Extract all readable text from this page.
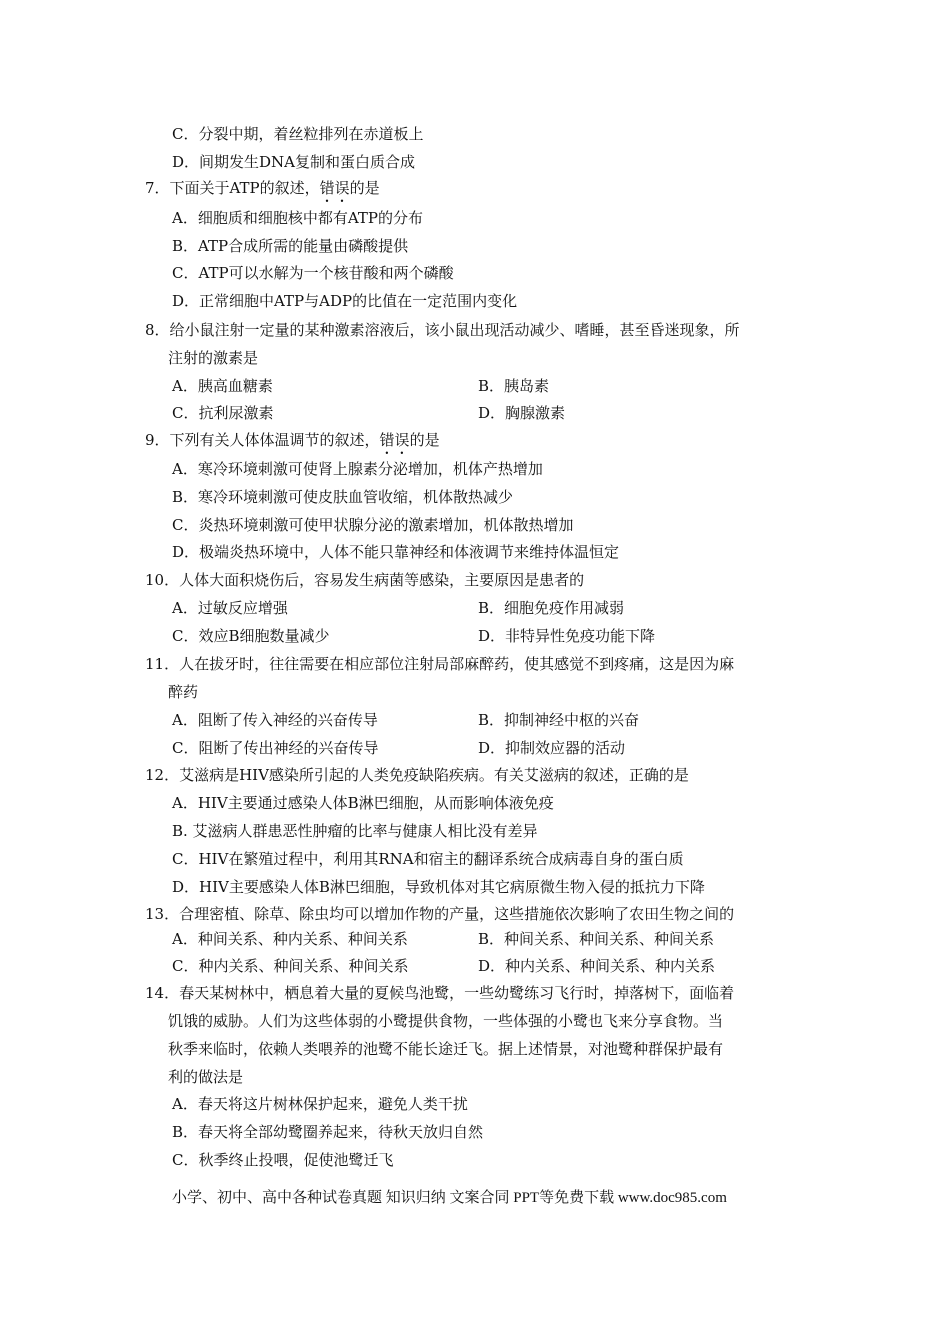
C．分裂中期，着丝粒排列在赤道板上
D．间期发生DNA复制和蛋白质合成
7．下面关于ATP的叙述，错误的是
A．细胞质和细胞核中都有ATP的分布
B．ATP合成所需的能量由磷酸提供
C．ATP可以水解为一个核苷酸和两个磷酸
D．正常细胞中ATP与ADP的比值在一定范围内变化
8．给小鼠注射一定量的某种激素溶液后，该小鼠出现活动减少、嗜睡，甚至昏迷现象，所
注射的激素是
A．胰高血糖素	B．胰岛素
C．抗利尿激素	D．胸腺激素
9．下列有关人体体温调节的叙述，错误的是
A．寒冷环境刺激可使肾上腺素分泌增加，机体产热增加
B．寒冷环境刺激可使皮肤血管收缩，机体散热减少
C．炎热环境刺激可使甲状腺分泌的激素增加，机体散热增加
D．极端炎热环境中，人体不能只靠神经和体液调节来维持体温恒定
10．人体大面积烧伤后，容易发生病菌等感染，主要原因是患者的
A．过敏反应增强	B．细胞免疫作用减弱
C．效应B细胞数量减少	D．非特异性免疫功能下降
11．人在拔牙时，往往需要在相应部位注射局部麻醉药，使其感觉不到疼痛，这是因为麻
醉药
A．阻断了传入神经的兴奋传导	B．抑制神经中枢的兴奋
C．阻断了传出神经的兴奋传导	D．抑制效应器的活动
12．艾滋病是HIV感染所引起的人类免疫缺陷疾病。有关艾滋病的叙述，正确的是
A．HIV主要通过感染人体B淋巴细胞，从而影响体液免疫
B. 艾滋病人群患恶性肿瘤的比率与健康人相比没有差异
C．HIV在繁殖过程中，利用其RNA和宿主的翻译系统合成病毒自身的蛋白质
D．HIV主要感染人体B淋巴细胞，导致机体对其它病原微生物入侵的抵抗力下降
13．合理密植、除草、除虫均可以增加作物的产量，这些措施依次影响了农田生物之间的
A．种间关系、种内关系、种间关系	B．种间关系、种间关系、种间关系
C．种内关系、种间关系、种间关系	D．种内关系、种间关系、种内关系
14．春天某树林中，栖息着大量的夏候鸟池鹭，一些幼鹭练习飞行时，掉落树下，面临着
饥饿的威胁。人们为这些体弱的小鹭提供食物，一些体强的小鹭也飞来分享食物。当
秋季来临时，依赖人类喂养的池鹭不能长途迁飞。据上述情景，对池鹭种群保护最有
利的做法是
A．春天将这片树林保护起来，避免人类干扰
B．春天将全部幼鹭圈养起来，待秋天放归自然
C．秋季终止投喂，促使池鹭迁飞
小学、初中、高中各种试卷真题 知识归纳 文案合同 PPT等免费下载 www.doc985.com
